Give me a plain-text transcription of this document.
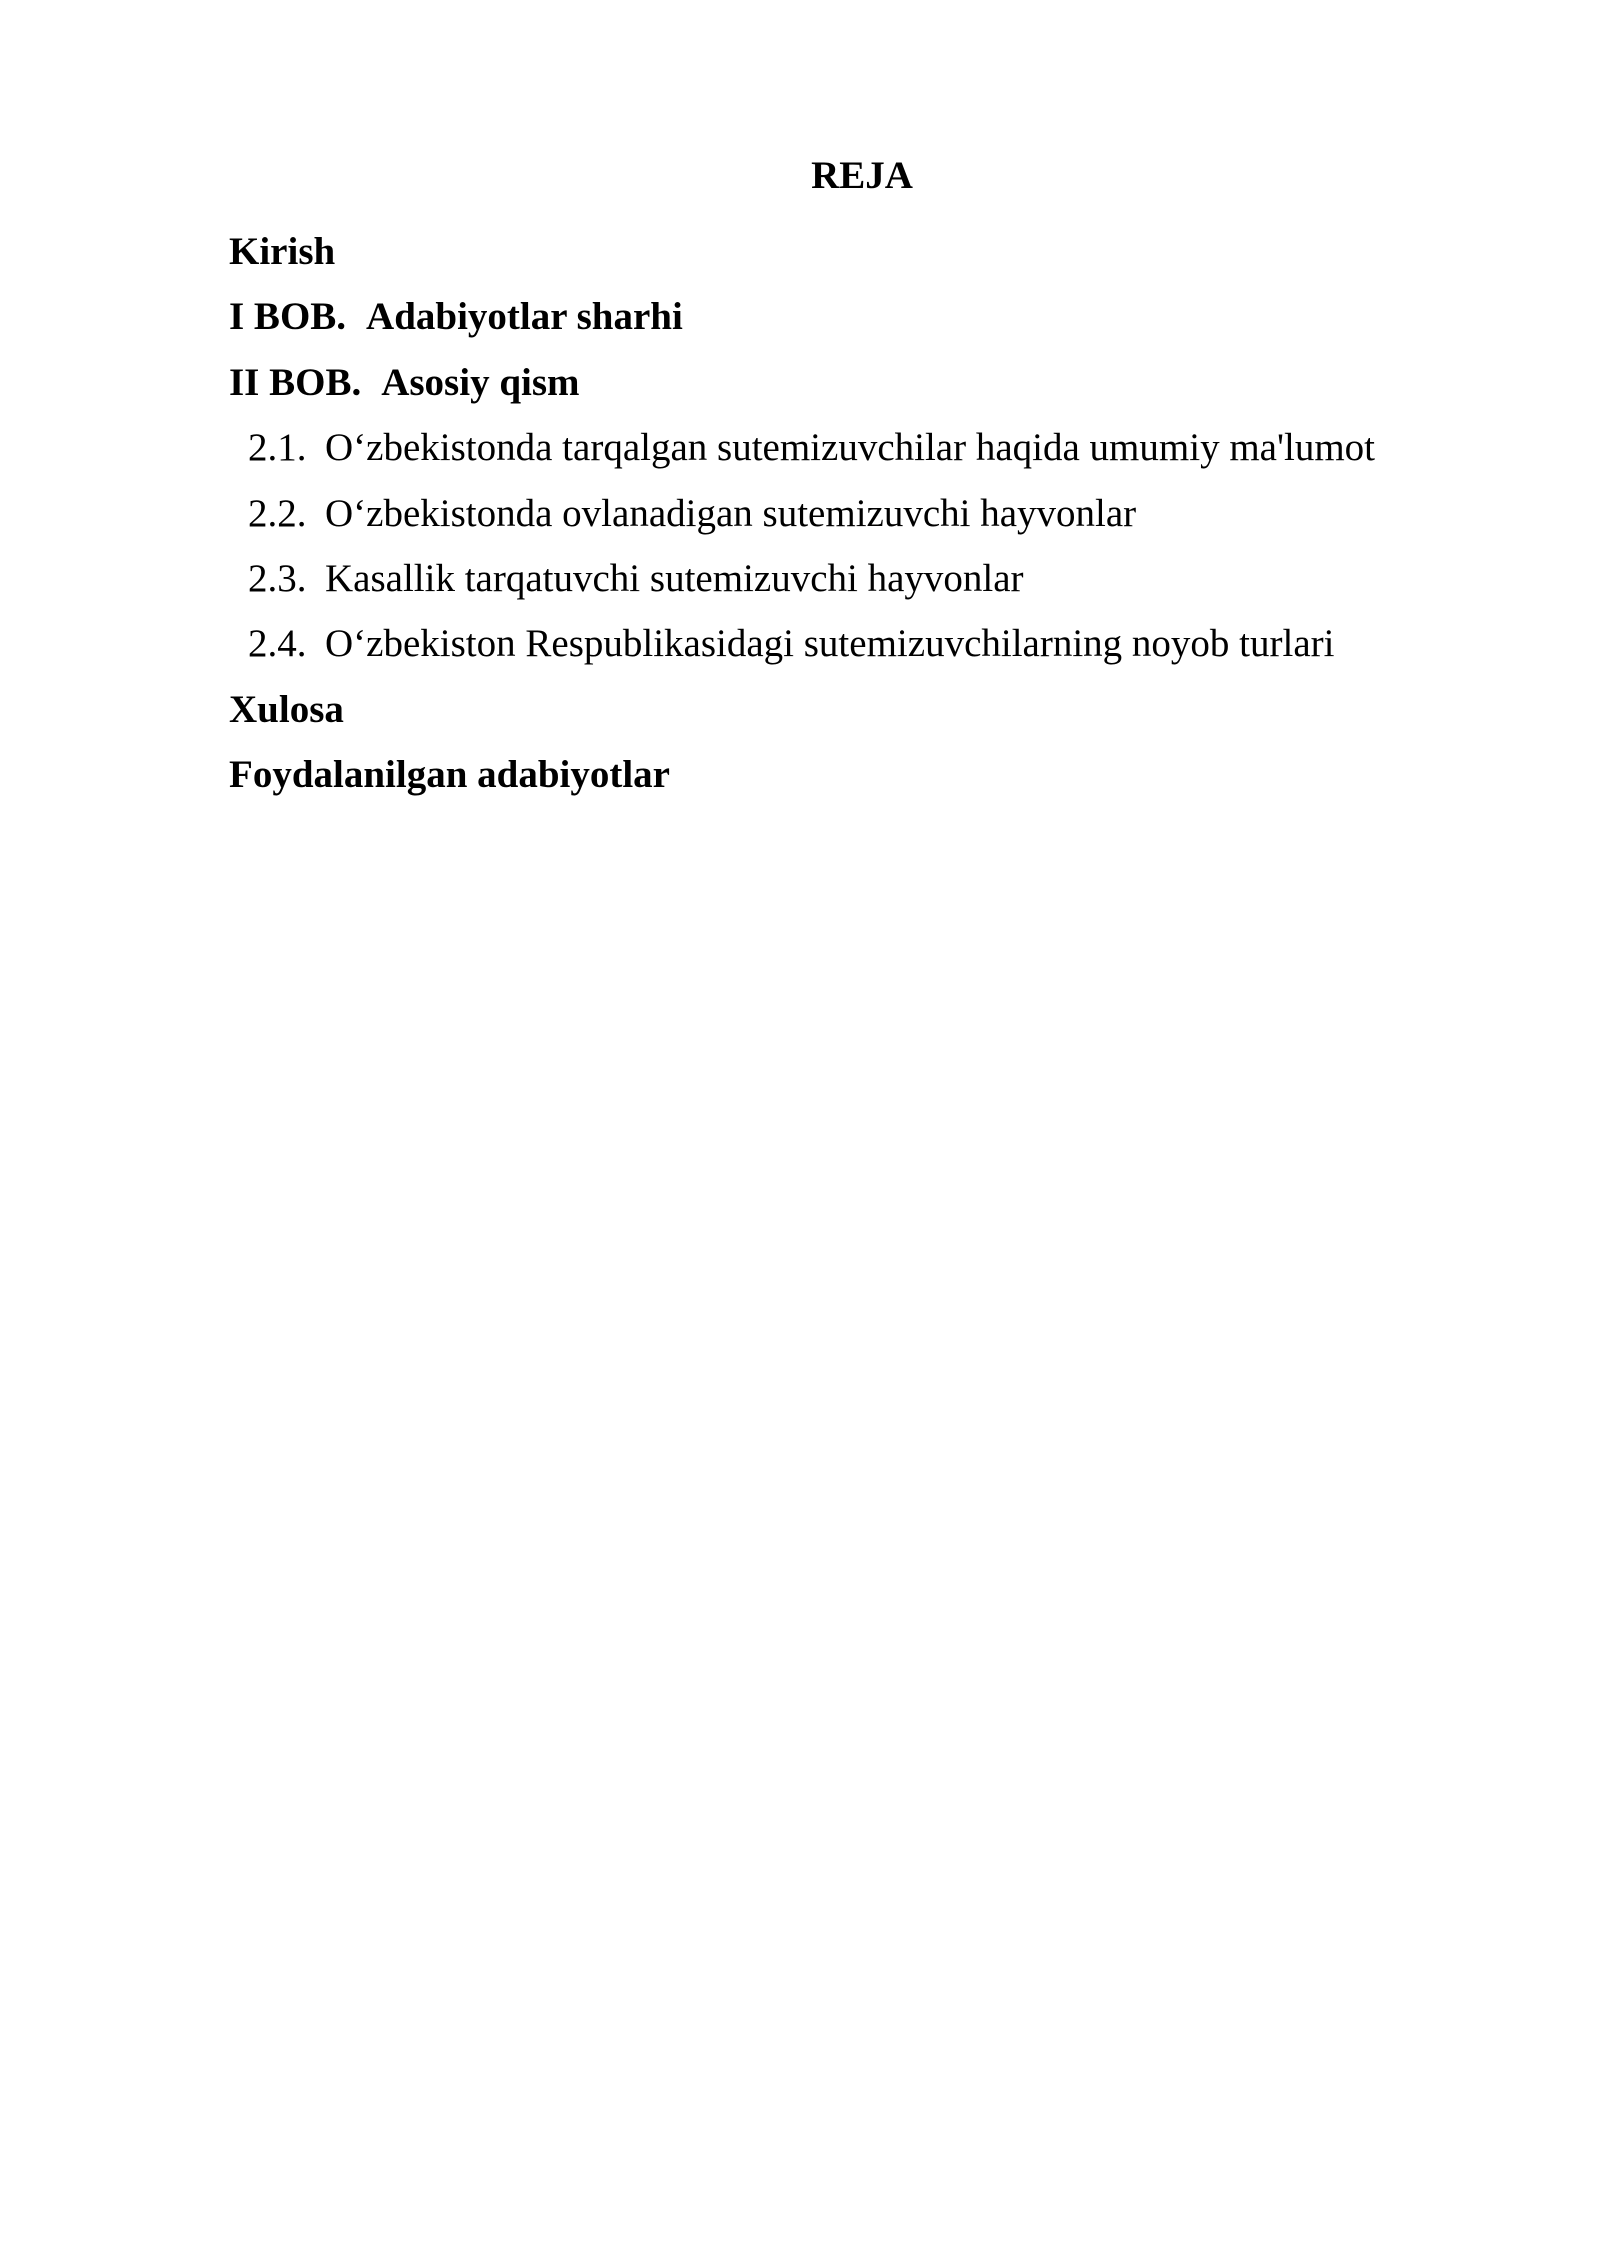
REJA
Kirish
I BOB. Adabiyotlar sharhi
II BOB. Asosiy qism
2.1. O‘zbekistonda tarqalgan sutemizuvchilar haqida umumiy ma'lumot
2.2. O‘zbekistonda ovlanadigan sutemizuvchi hayvonlar
2.3. Kasallik tarqatuvchi sutemizuvchi hayvonlar
2.4. O‘zbekiston Respublikasidagi sutemizuvchilarning noyob turlari
Xulosa
Foydalanilgan adabiyotlar
